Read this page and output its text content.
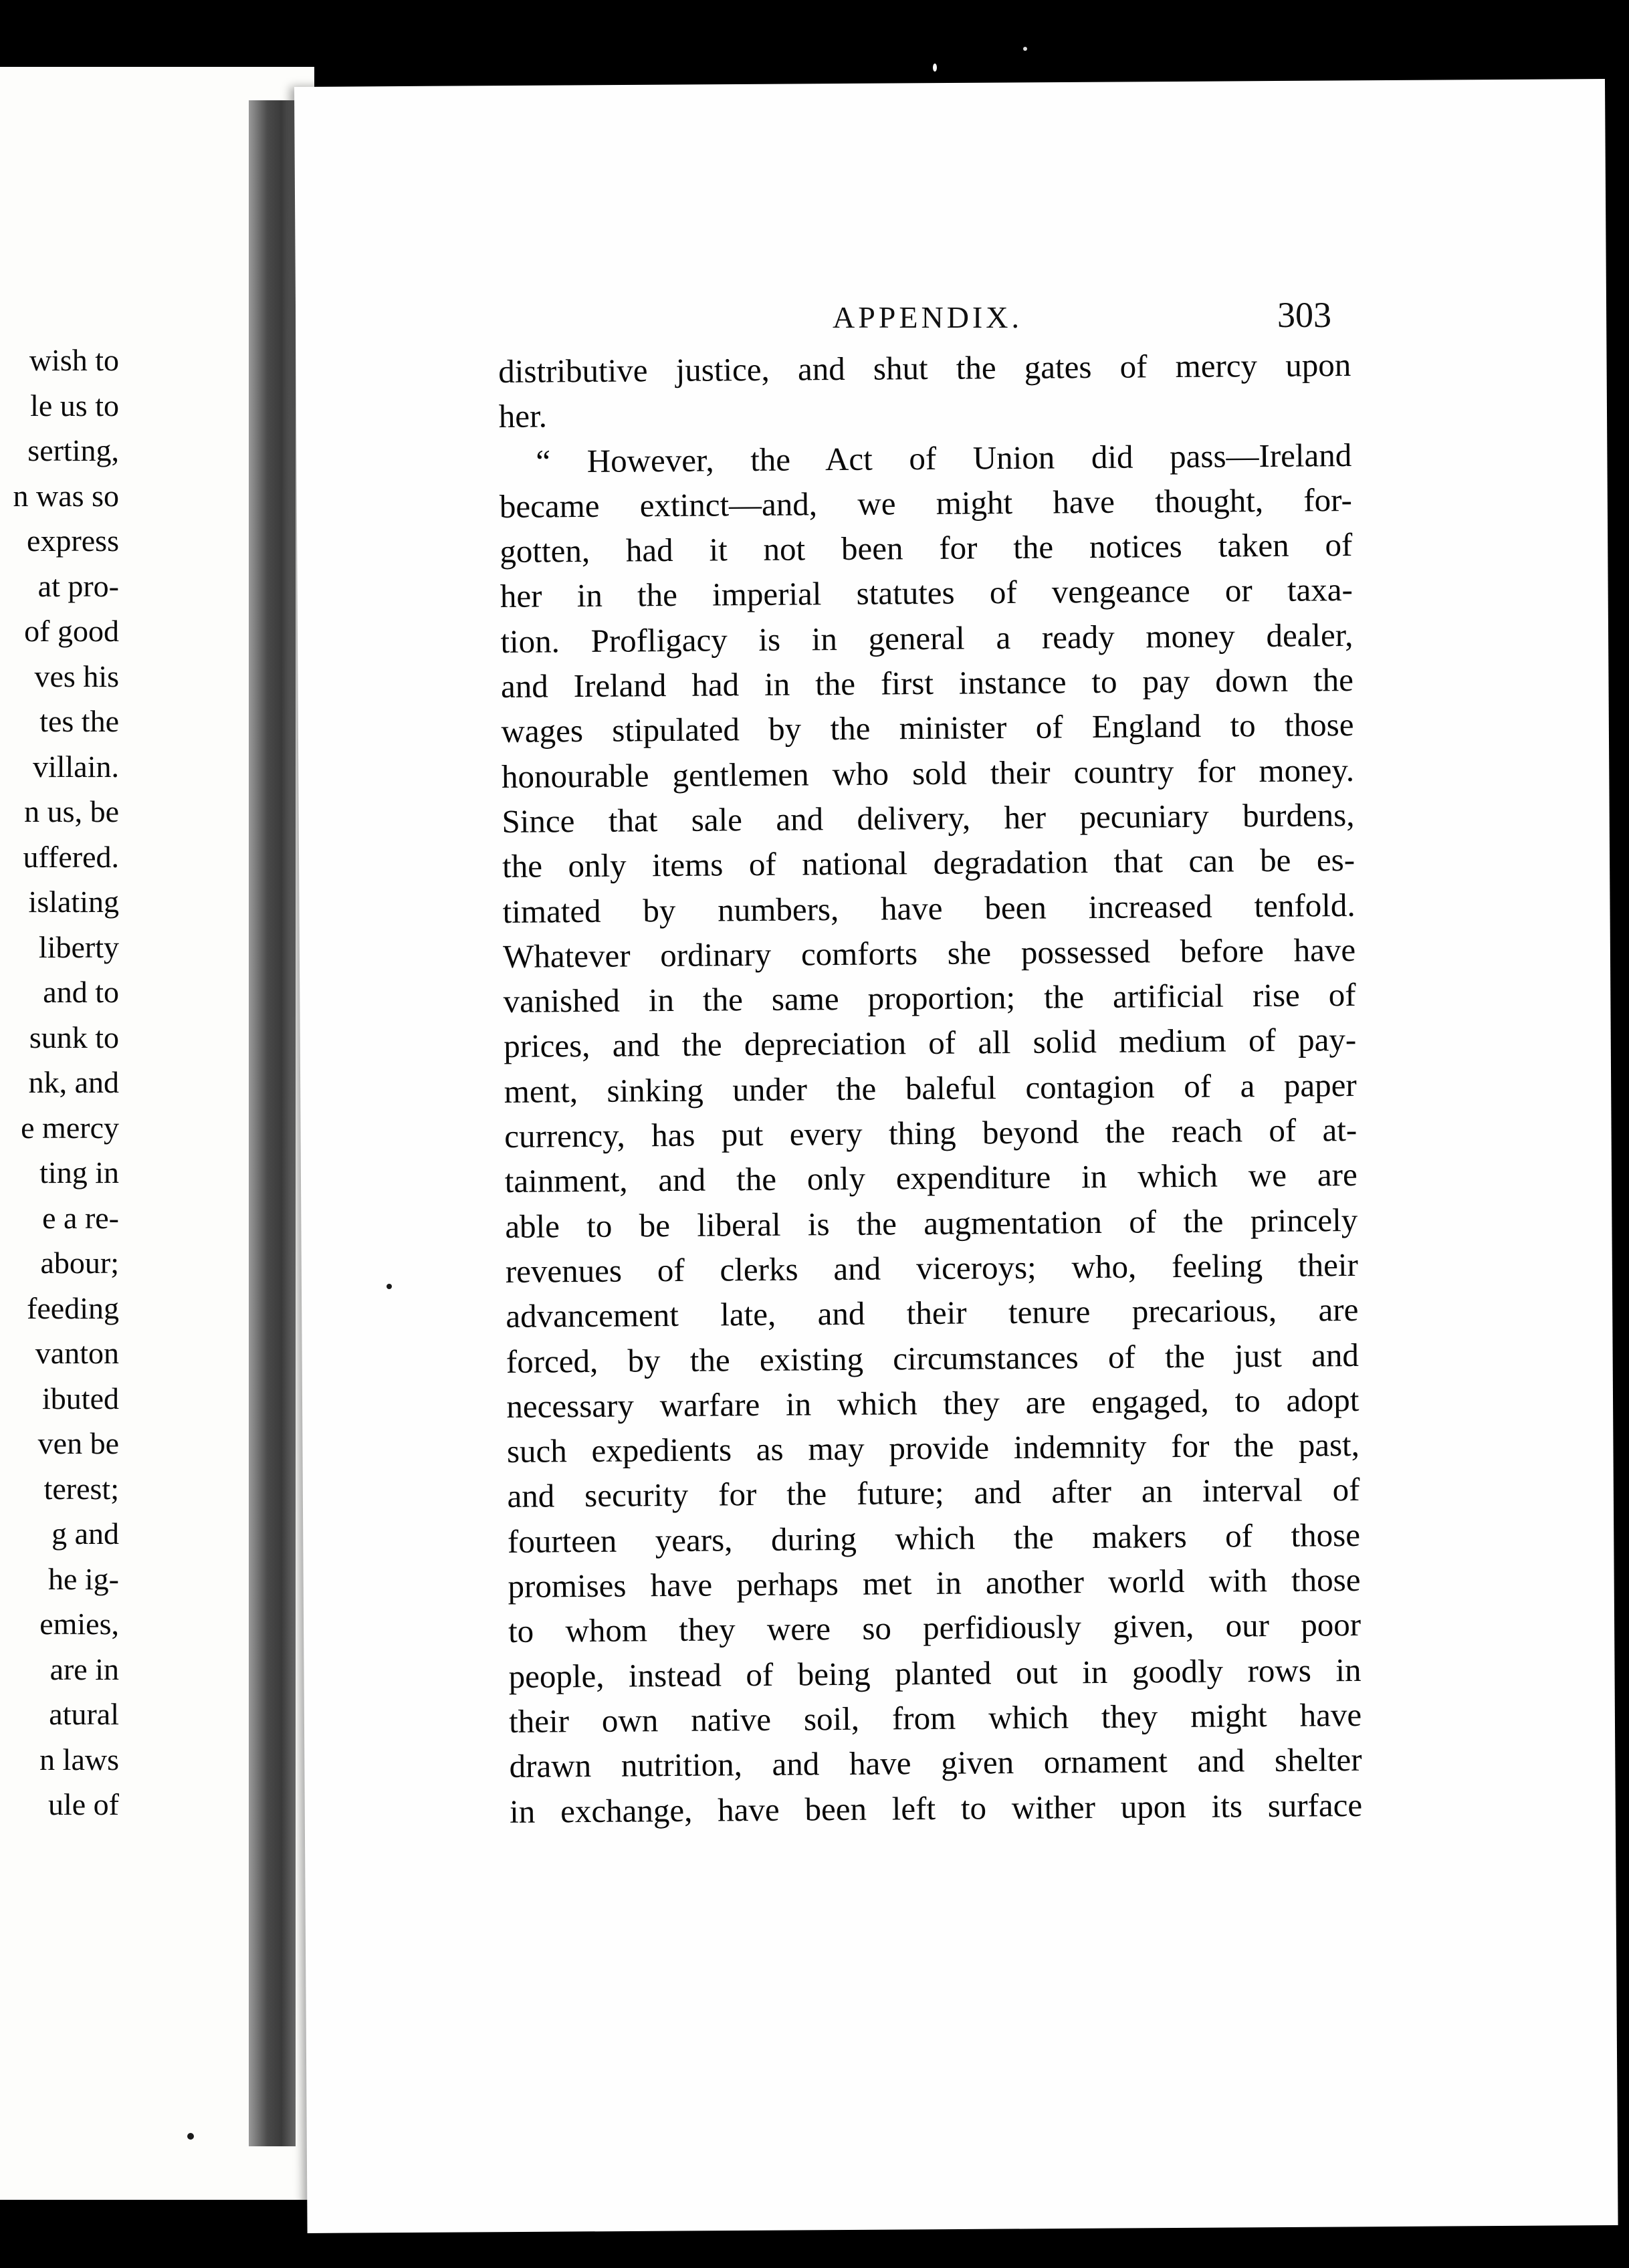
wish to
le us to
serting,
n was so
express
at pro-
of good
ves his
tes the
villain.
n us, be
uffered.
islating
liberty
and to
sunk to
nk, and
e mercy
ting in
e a re-
abour;
feeding
vanton
ibuted
ven be
terest;
g and
he ig-
emies,
are in
atural
n laws
ule of
APPENDIX.	303
distributive justice, and shut the gates of mercy upon
her.
“ However, the Act of Union did pass—Ireland
became extinct—and, we might have thought, for-
gotten, had it not been for the notices taken of
her in the imperial statutes of vengeance or taxa-
tion. Profligacy is in general a ready money dealer,
and Ireland had in the first instance to pay down the
wages stipulated by the minister of England to those
honourable gentlemen who sold their country for money.
Since that sale and delivery, her pecuniary burdens,
the only items of national degradation that can be es-
timated by numbers, have been increased tenfold.
Whatever ordinary comforts she possessed before have
vanished in the same proportion; the artificial rise of
prices, and the depreciation of all solid medium of pay-
ment, sinking under the baleful contagion of a paper
currency, has put every thing beyond the reach of at-
tainment, and the only expenditure in which we are
able to be liberal is the augmentation of the princely
revenues of clerks and viceroys; who, feeling their
advancement late, and their tenure precarious, are
forced, by the existing circumstances of the just and
necessary warfare in which they are engaged, to adopt
such expedients as may provide indemnity for the past,
and security for the future; and after an interval of
fourteen years, during which the makers of those
promises have perhaps met in another world with those
to whom they were so perfidiously given, our poor
people, instead of being planted out in goodly rows in
their own native soil, from which they might have
drawn nutrition, and have given ornament and shelter
in exchange, have been left to wither upon its surface
